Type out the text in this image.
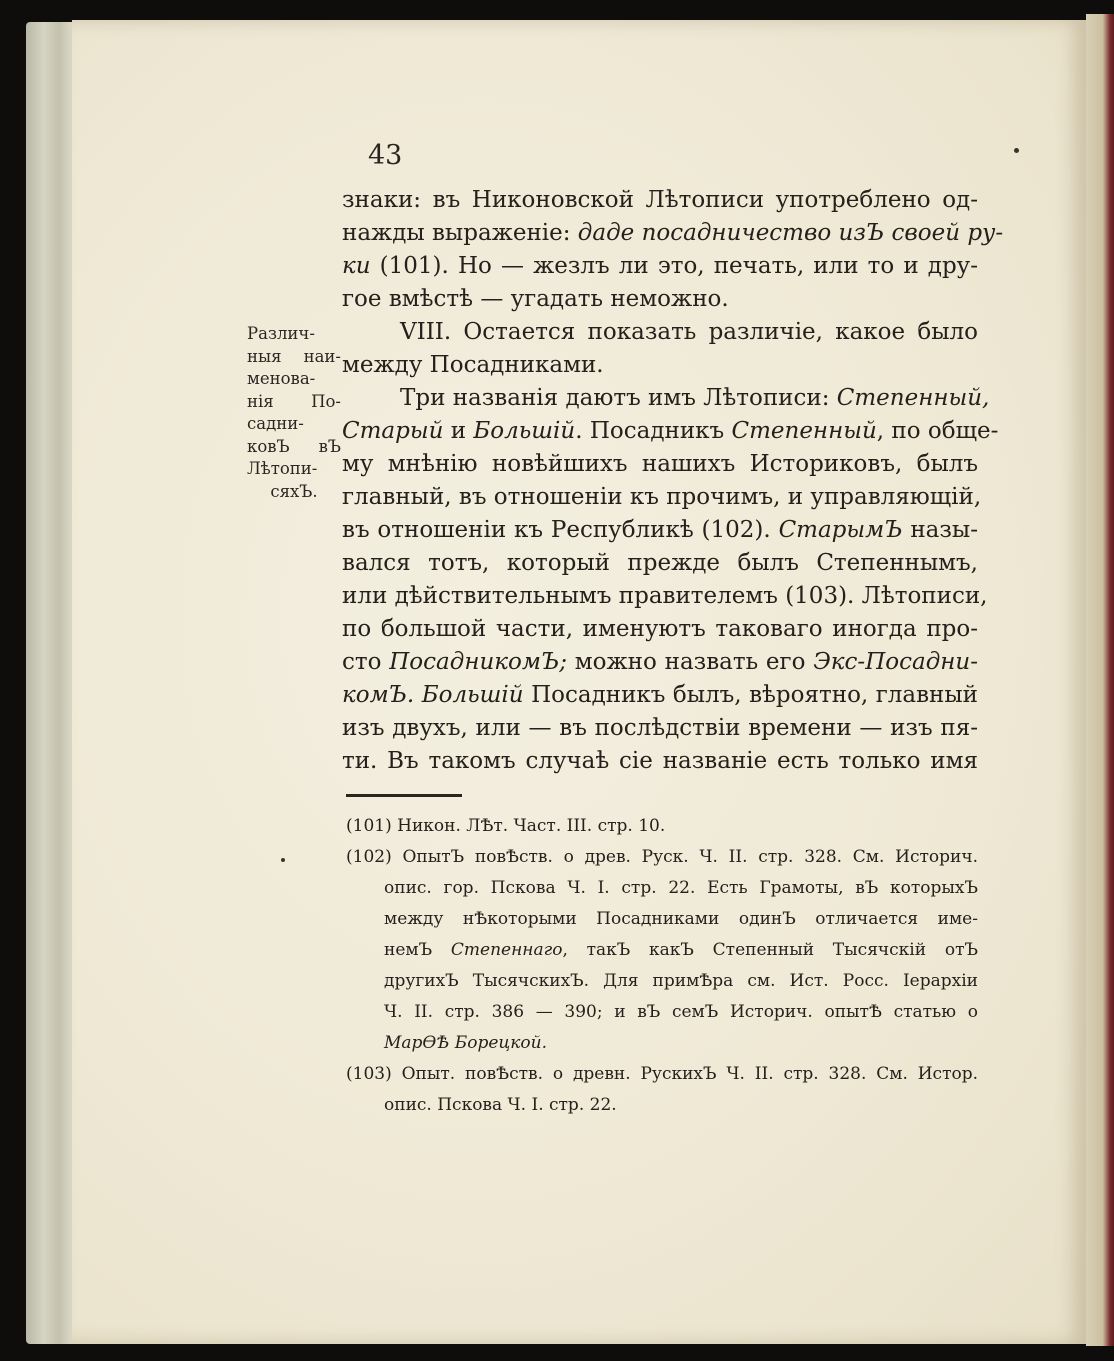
43
Различ-
ныя наи-
менова-
нія По-
садни-
ковЪ вЪ
Лѣтопи-
сяхЪ.
знаки: въ Никоновской Лѣтописи употреблено од-
нажды выраженіе: даде посадничество изЪ своей ру-
ки (101). Но — жезлъ ли это, печать, или то и дру-
гое вмѣстѣ — угадать неможно.
VIII. Остается показать различіе, какое было
между Посадниками.
Три названія даютъ имъ Лѣтописи: Степенный,
Старый и Большій. Посадникъ Степенный, по обще-
му мнѣнію новѣйшихъ нашихъ Историковъ, былъ
главный, въ отношеніи къ прочимъ, и управляющій,
въ отношеніи къ Республикѣ (102). СтарымЪ назы-
вался тотъ, который прежде былъ Степеннымъ,
или дѣйствительнымъ правителемъ (103). Лѣтописи,
по большой части, именуютъ таковаго иногда про-
сто ПосадникомЪ; можно назвать его Экс-Посадни-
комЪ. Большій Посадникъ былъ, вѣроятно, главный
изъ двухъ, или — въ послѣдствіи времени — изъ пя-
ти. Въ такомъ случаѣ сіе названіе есть только имя
(101) Никон. ЛѢт. Част. III. стр. 10.
(102) ОпытЪ повѢств. о древ. Руск. Ч. II. стр. 328. См. Историч.
опис. гор. Пскова Ч. I. стр. 22. Есть Грамоты, вЪ которыхЪ
между нѢкоторыми Посадниками одинЪ отличается име-
немЪ Степеннаго, такЪ какЪ Степенный Тысячскій отЪ
другихЪ ТысячскихЪ. Для примѢра см. Ист. Росс. Іерархіи
Ч. II. стр. 386 — 390; и вЪ семЪ Историч. опытѢ статью о
МарѲѢ Борецкой.
(103) Опыт. повѢств. о древн. РускихЪ Ч. II. стр. 328. См. Истор.
опис. Пскова Ч. I. стр. 22.
